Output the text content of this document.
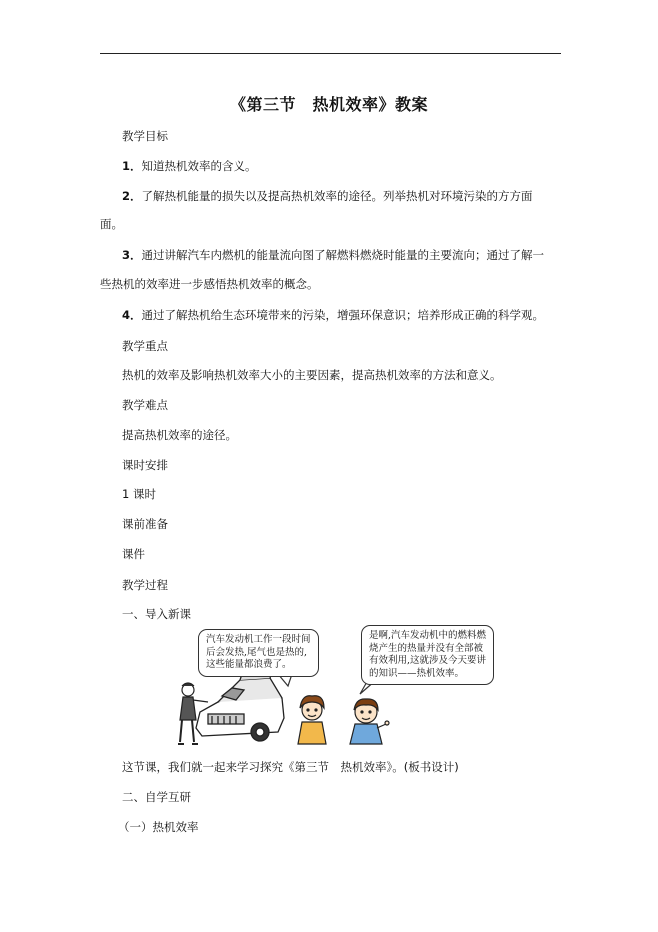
《第三节　热机效率》教案
教学目标
1．知道热机效率的含义。
2．了解热机能量的损失以及提高热机效率的途径。列举热机对环境污染的方方面
面。
3．通过讲解汽车内燃机的能量流向图了解燃料燃烧时能量的主要流向；通过了解一
些热机的效率进一步感悟热机效率的概念。
4．通过了解热机给生态环境带来的污染，增强环保意识；培养形成正确的科学观。
教学重点
热机的效率及影响热机效率大小的主要因素，提高热机效率的方法和意义。
教学难点
提高热机效率的途径。
课时安排
1 课时
课前准备
课件
教学过程
一、导入新课
汽车发动机工作一段时间
后会发热,尾气也是热的,
这些能量都浪费了。
是啊,汽车发动机中的燃料燃
烧产生的热量并没有全部被
有效利用,这就涉及今天要讲
的知识——热机效率。
这节课，我们就一起来学习探究《第三节　热机效率》。(板书设计)
二、自学互研
（一）热机效率
